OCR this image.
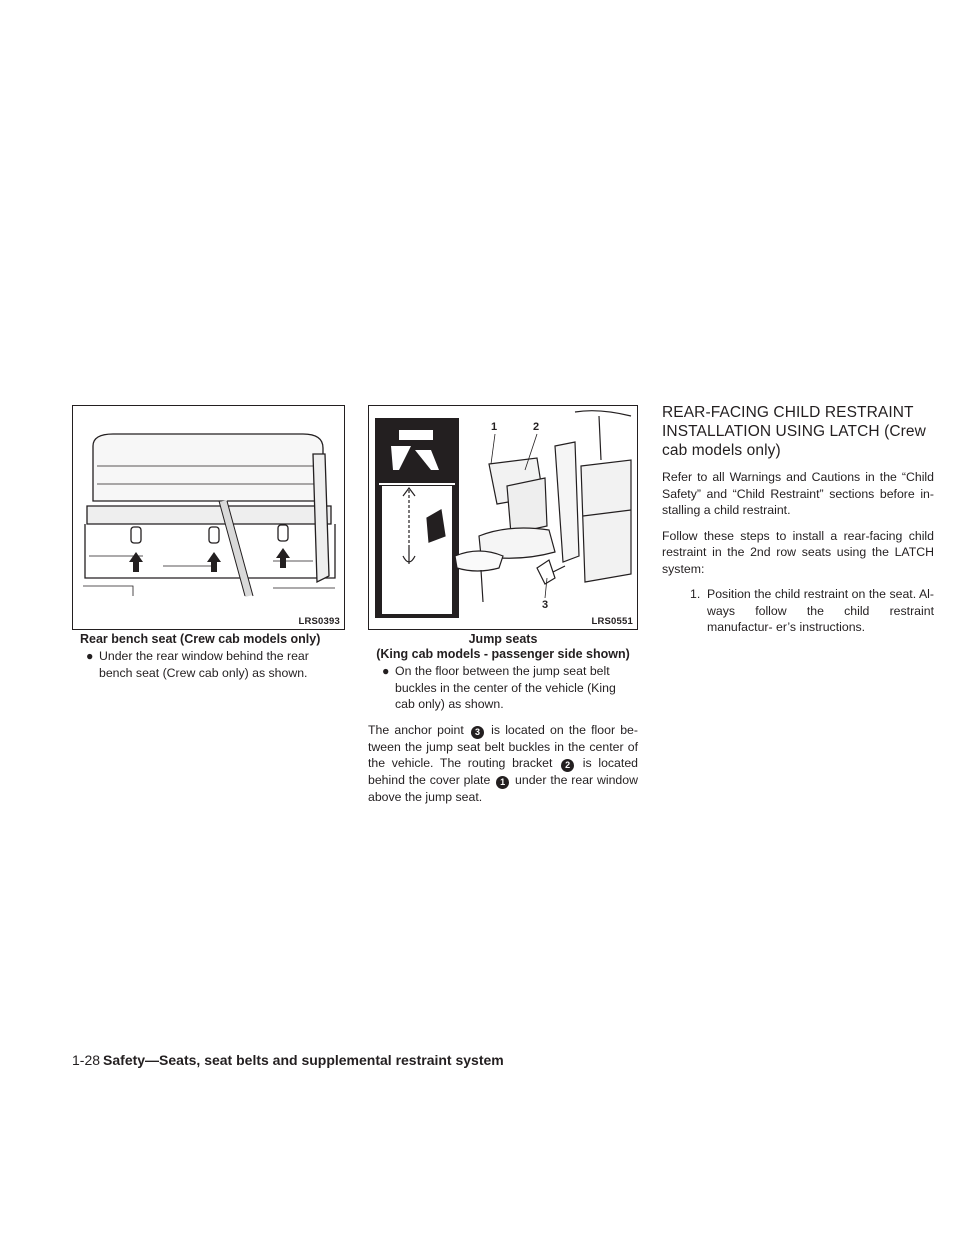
LRS0393
Rear bench seat (Crew cab models only)
● Under the rear window behind the rear bench seat (Crew cab only) as shown.
1	2
3
LRS0551
Jump seats
(King cab models - passenger side shown)
● On the floor between the jump seat belt buckles in the center of the vehicle (King cab only) as shown.
The anchor point 3 is located on the floor be- tween the jump seat belt buckles in the center of the vehicle. The routing bracket 2 is located behind the cover plate 1 under the rear window above the jump seat.
REAR-FACING CHILD RESTRAINT INSTALLATION USING LATCH (Crew cab models only)
Refer to all Warnings and Cautions in the “Child Safety” and “Child Restraint” sections before in- stalling a child restraint.
Follow these steps to install a rear-facing child restraint in the 2nd row seats using the LATCH system:
1. Position the child restraint on the seat. Al- ways follow the child restraint manufactur- er’s instructions.
1-28 Safety—Seats, seat belts and supplemental restraint system
